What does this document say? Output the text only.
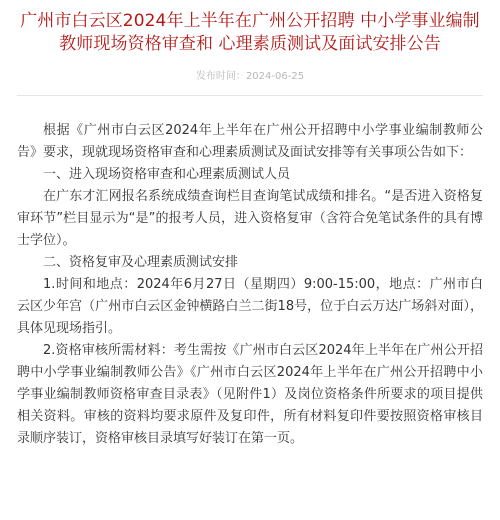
广州市白云区2024年上半年在广州公开招聘 中小学事业编制教师现场资格审查和 心理素质测试及面试安排公告
发布时间：2024-06-25

根据《广州市白云区2024年上半年在广州公开招聘中小学事业编制教师公告》要求，现就现场资格审查和心理素质测试及面试安排等有关事项公告如下：

一、进入现场资格审查和心理素质测试人员

在广东才汇网报名系统成绩查询栏目查询笔试成绩和排名。“是否进入资格复审环节”栏目显示为“是”的报考人员，进入资格复审（含符合免笔试条件的具有博士学位）。

二、资格复审及心理素质测试安排

1.时间和地点：2024年6月27日（星期四）9:00-15:00，地点：广州市白云区少年宫（广州市白云区金钟横路白兰二街18号，位于白云万达广场斜对面），具体见现场指引。

2.资格审核所需材料：考生需按《广州市白云区2024年上半年在广州公开招聘中小学事业编制教师公告》《广州市白云区2024年上半年在广州公开招聘中小学事业编制教师资格审查目录表》（见附件1）及岗位资格条件所要求的项目提供相关资料。审核的资料均要求原件及复印件，所有材料复印件要按照资格审核目录顺序装订，资格审核目录填写好装订在第一页。
